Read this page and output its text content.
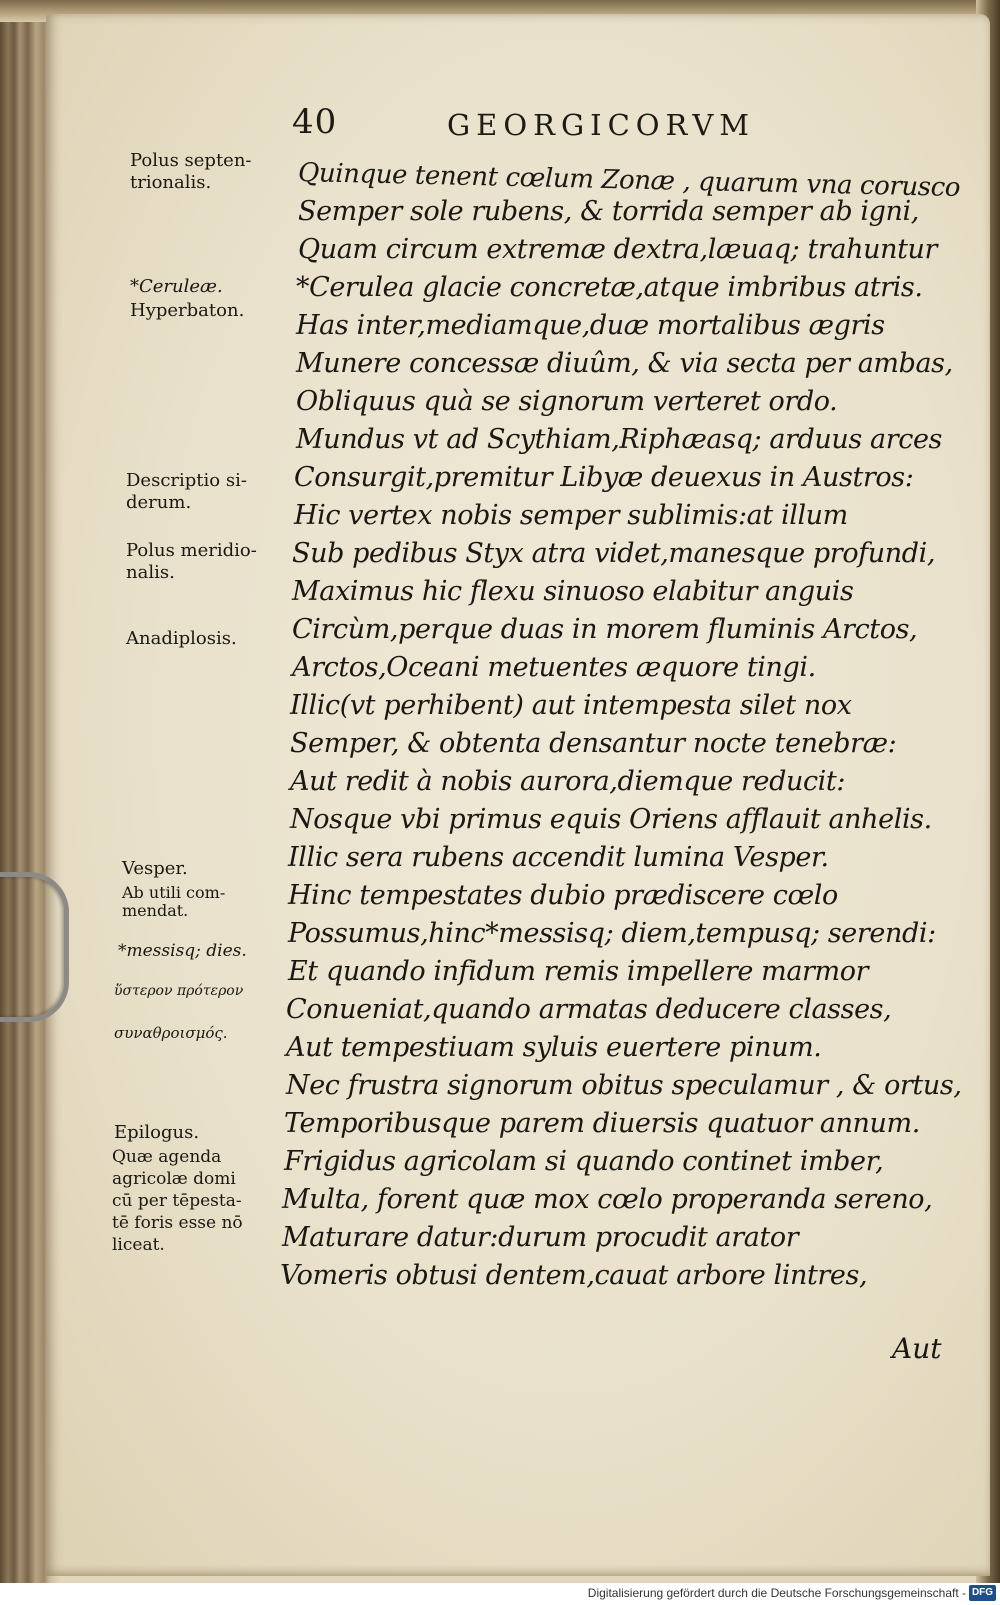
40	GEORGICORVM
Quinque tenent cœlum Zonæ , quarum vna corusco
Semper sole rubens, & torrida semper ab igni,
Quam circum extremæ dextra,læuaq; trahuntur
*Cerulea glacie concretæ,atque imbribus atris.
Has inter,mediamque,duæ mortalibus ægris
Munere concessæ diuûm, & via secta per ambas,
Obliquus quà se signorum verteret ordo.
Mundus vt ad Scythiam,Riphæasq; arduus arces
Consurgit,premitur Libyæ deuexus in Austros:
Hic vertex nobis semper sublimis:at illum
Sub pedibus Styx atra videt,manesque profundi,
Maximus hic flexu sinuoso elabitur anguis
Circùm,perque duas in morem fluminis Arctos,
Arctos,Oceani metuentes æquore tingi.
Illic(vt perhibent) aut intempesta silet nox
Semper, & obtenta densantur nocte tenebræ:
Aut redit à nobis aurora,diemque reducit:
Nosque vbi primus equis Oriens afflauit anhelis.
Illic sera rubens accendit lumina Vesper.
Hinc tempestates dubio prædiscere cœlo
Possumus,hinc*messisq; diem,tempusq; serendi:
Et quando infidum remis impellere marmor
Conueniat,quando armatas deducere classes,
Aut tempestiuam syluis euertere pinum.
Nec frustra signorum obitus speculamur , & ortus,
Temporibusque parem diuersis quatuor annum.
Frigidus agricolam si quando continet imber,
Multa, forent quæ mox cœlo properanda sereno,
Maturare datur:durum procudit arator
Vomeris obtusi dentem,cauat arbore lintres,
Polus septen-
trionalis.
*Ceruleæ.
Hyperbaton.
Descriptio si-
derum.
Polus meridio-
nalis.
Anadiplosis.
Vesper.
Ab utili com-
mendat.
*messisq; dies.
ὕστερον πρότερον
συναθροισμός.
Epilogus.
Quæ agenda
agricolæ domi
cū per tēpesta-
tē foris esse nō
liceat.
Aut
Digitalisierung gefördert durch die Deutsche Forschungsgemeinschaft - DFG
